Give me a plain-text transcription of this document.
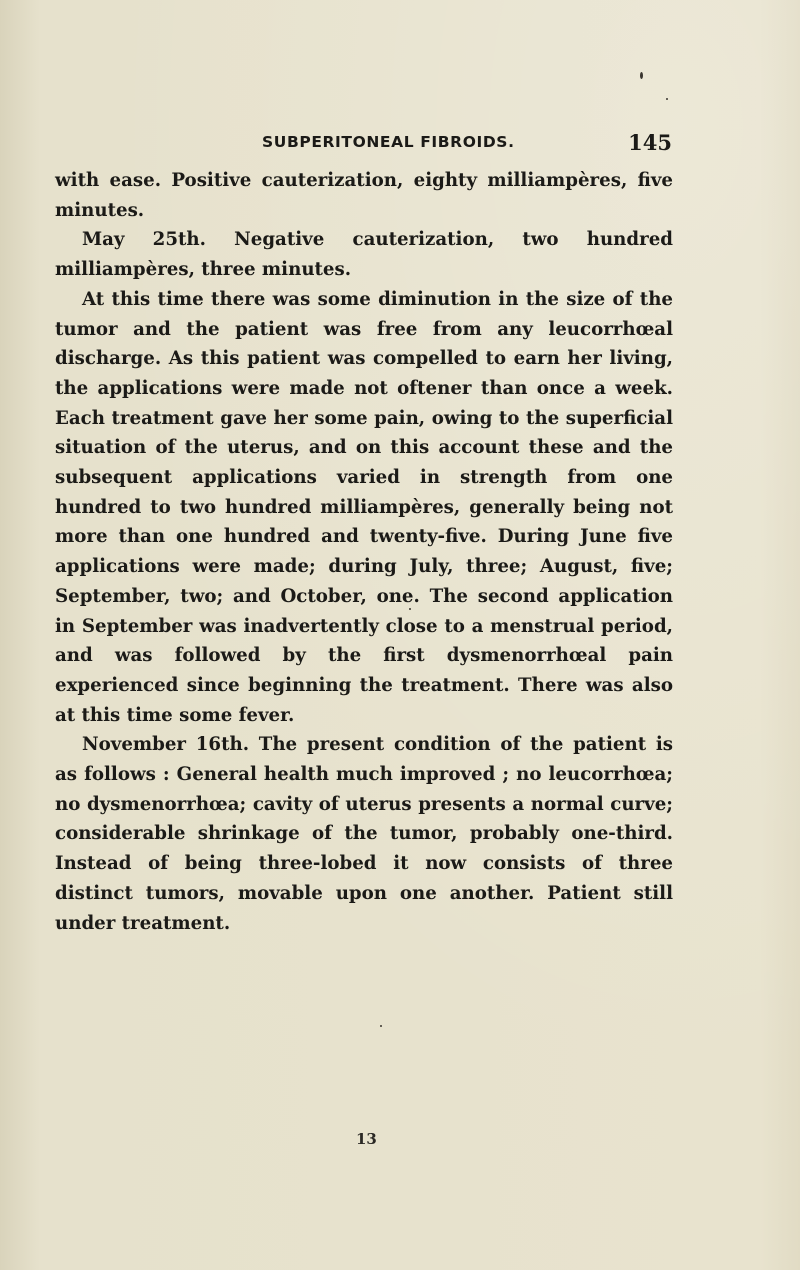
SUBPERITONEAL FIBROIDS.	145

with ease. Positive cauterization, eighty milliampères, five minutes.

May 25th. Negative cauterization, two hundred milliampères, three minutes.

At this time there was some diminution in the size of the tumor and the patient was free from any leucorrhœal discharge. As this patient was compelled to earn her living, the applications were made not oftener than once a week. Each treatment gave her some pain, owing to the superficial situation of the uterus, and on this account these and the subsequent applications varied in strength from one hundred to two hundred milliampères, generally being not more than one hundred and twenty-five. During June five applications were made; during July, three; August, five; September, two; and October, one. The second application in September was inadvertently close to a menstrual period, and was followed by the first dysmenorrhœal pain experienced since beginning the treatment. There was also at this time some fever.

November 16th. The present condition of the patient is as follows : General health much improved ; no leucorrhœa; no dysmenorrhœa; cavity of uterus presents a normal curve; considerable shrinkage of the tumor, probably one-third. Instead of being three-lobed it now consists of three distinct tumors, movable upon one another. Patient still under treatment.

13
